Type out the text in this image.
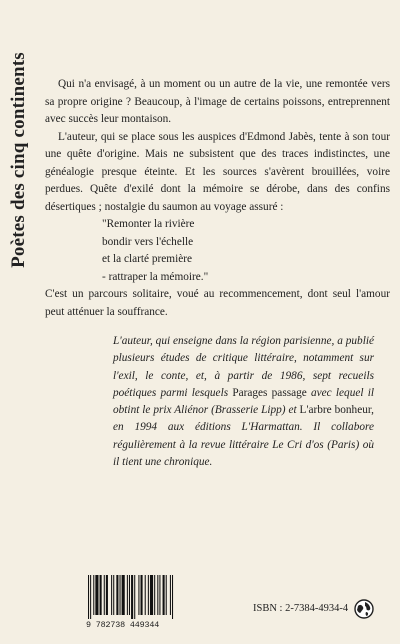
Poètes des cinq continents	Qui n'a envisagé, à un moment ou un autre de la vie, une remontée vers sa propre origine ? Beaucoup, à l'image de certains poissons, entreprennent avec succès leur montaison.

L'auteur, qui se place sous les auspices d'Edmond Jabès, tente à son tour une quête d'origine. Mais ne subsistent que des traces indistinctes, une généalogie presque éteinte. Et les sources s'avèrent brouillées, voire perdues. Quête d'exilé dont la mémoire se dérobe, dans des confins désertiques ; nostalgie du saumon au voyage assuré :

"Remonter la rivière
bondir vers l'échelle
et la clarté première
- rattraper la mémoire."

C'est un parcours solitaire, voué au recommencement, dont seul l'amour peut atténuer la souffrance.

L'auteur, qui enseigne dans la région parisienne, a publié plusieurs études de critique littéraire, notamment sur l'exil, le conte, et, à partir de 1986, sept recueils poétiques parmi lesquels Parages passage avec lequel il obtint le prix Aliénor (Brasserie Lipp) et L'arbre bonheur, en 1994 aux éditions L'Harmattan. Il collabore régulièrement à la revue littéraire Le Cri d'os (Paris) où il tient une chronique.
9 782738 449344
ISBN : 2-7384-4934-4
